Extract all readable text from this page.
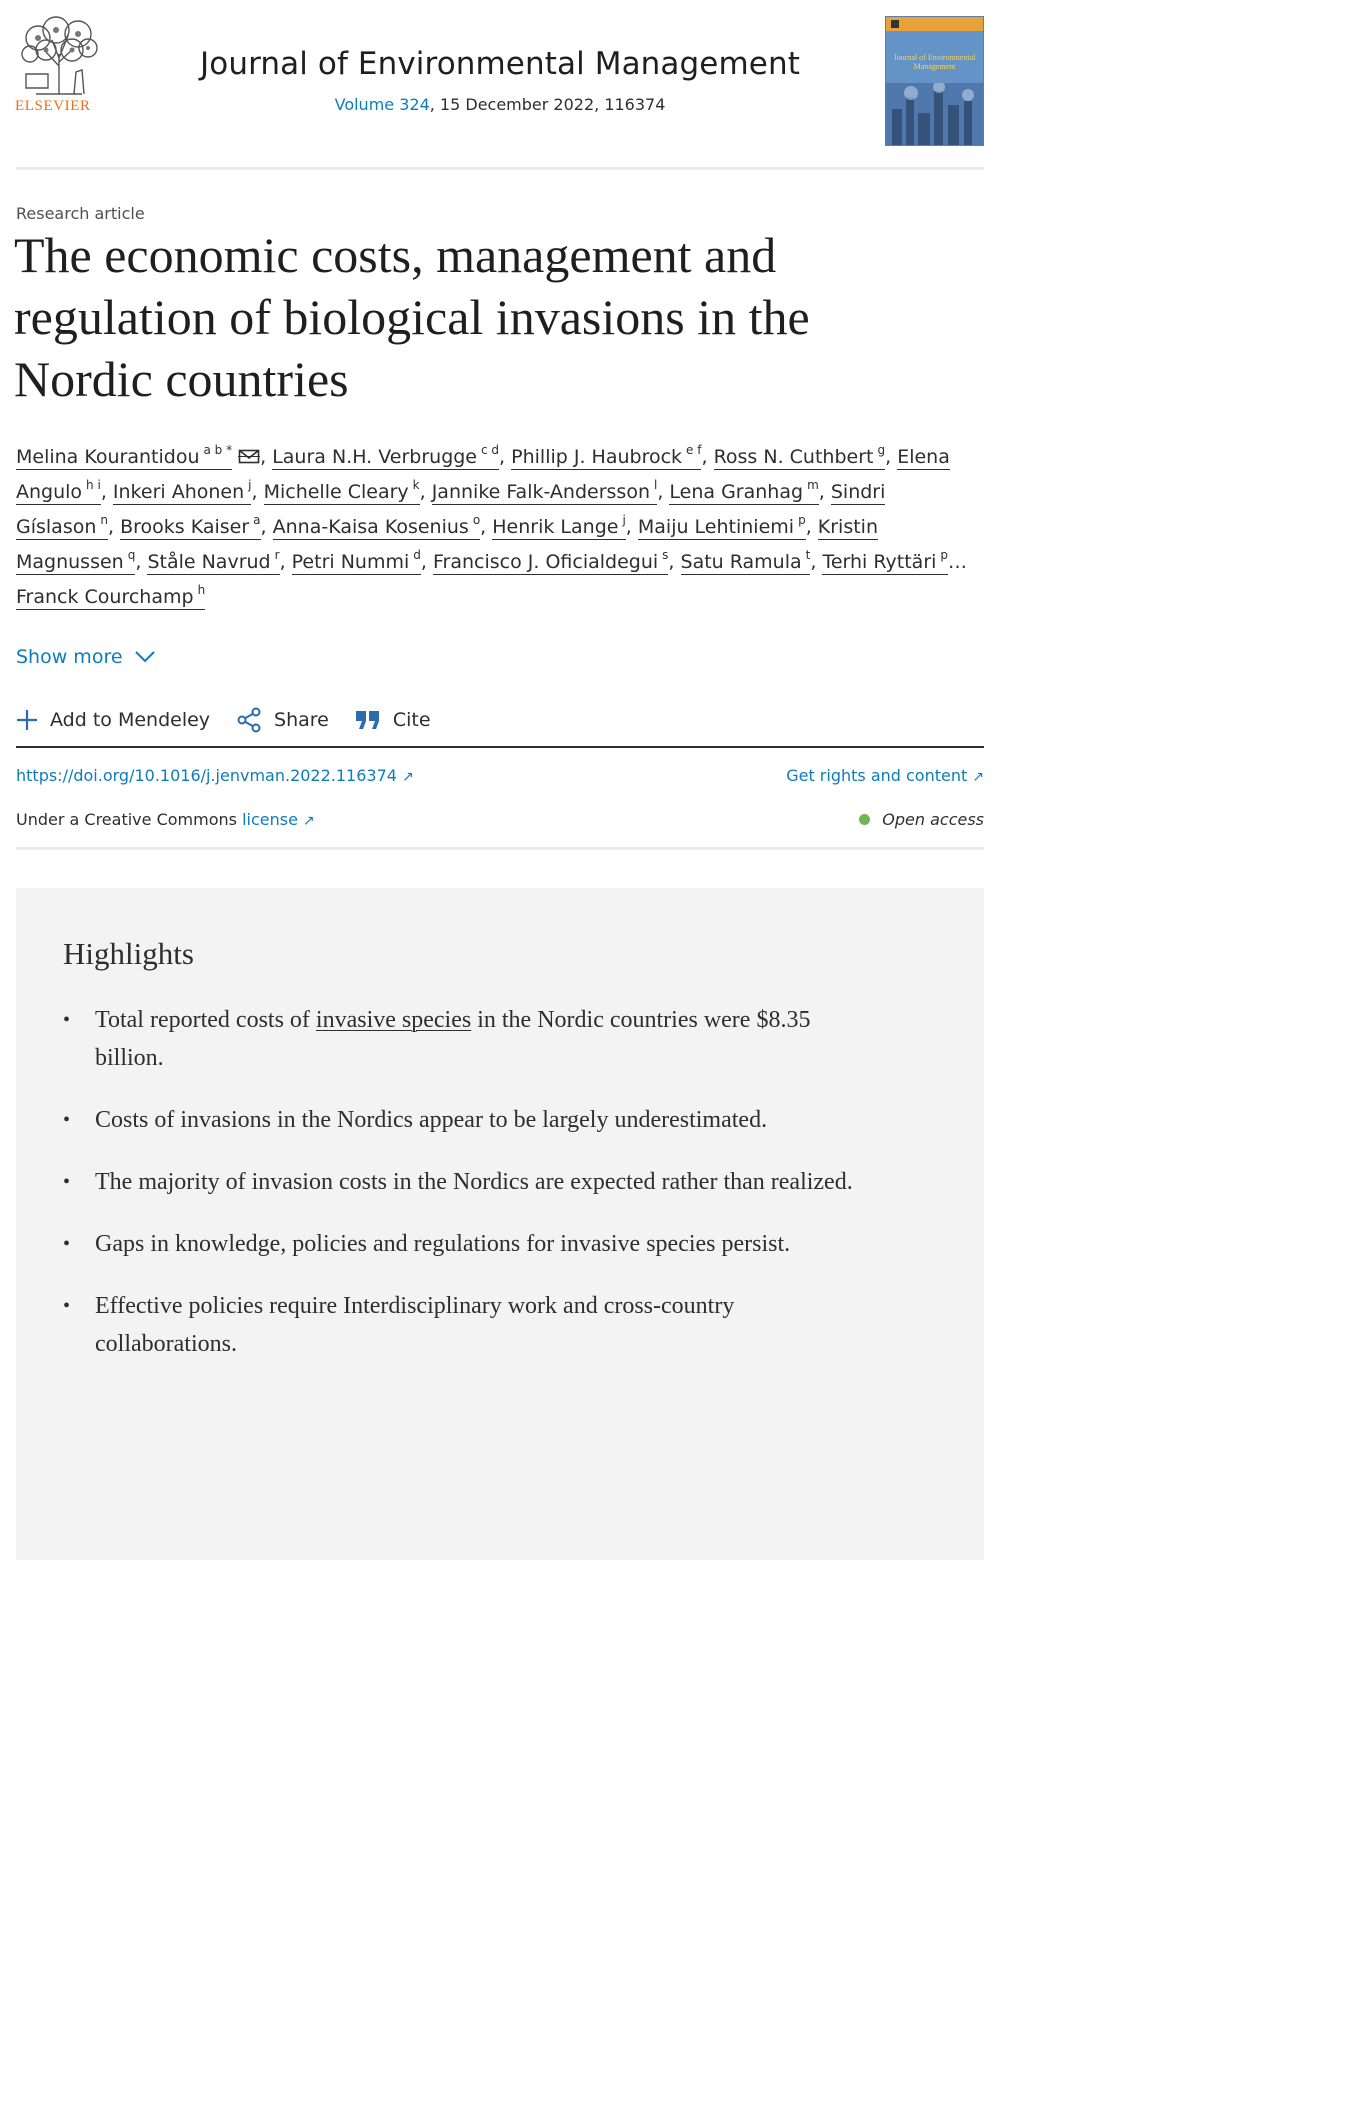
ELSEVIER
Journal of Environmental Management
Volume 324, 15 December 2022, 116374
Journal of Environmental Management
Research article
The economic costs, management and regulation of biological invasions in the Nordic countries
Melina Kourantidou $^{a b *}$ , Laura N.H. Verbrugge $^{c d}$, Phillip J. Haubrock $^{e f}$, Ross N. Cuthbert $^g$, Elena Angulo $^{h i}$, Inkeri Ahonen $^j$, Michelle Cleary $^k$, Jannike Falk-Andersson $^l$, Lena Granhag $^m$, Sindri Gíslason $^n$, Brooks Kaiser $^a$, Anna-Kaisa Kosenius $^o$, Henrik Lange $^j$, Maiju Lehtiniemi $^p$, Kristin Magnussen $^q$, Ståle Navrud $^r$, Petri Nummi $^d$, Francisco J. Oficialdegui $^s$, Satu Ramula $^t$, Terhi Ryttäri $^p$…Franck Courchamp $^h$
Show more
Add to Mendeley	Share	Cite
https://doi.org/10.1016/j.jenvman.2022.116374 ↗	Get rights and content ↗
Under a Creative Commons license ↗	Open access
Highlights
• Total reported costs of invasive species in the Nordic countries were $8.35 billion.
• Costs of invasions in the Nordics appear to be largely underestimated.
• The majority of invasion costs in the Nordics are expected rather than realized.
• Gaps in knowledge, policies and regulations for invasive species persist.
• Effective policies require Interdisciplinary work and cross-country collaborations.
